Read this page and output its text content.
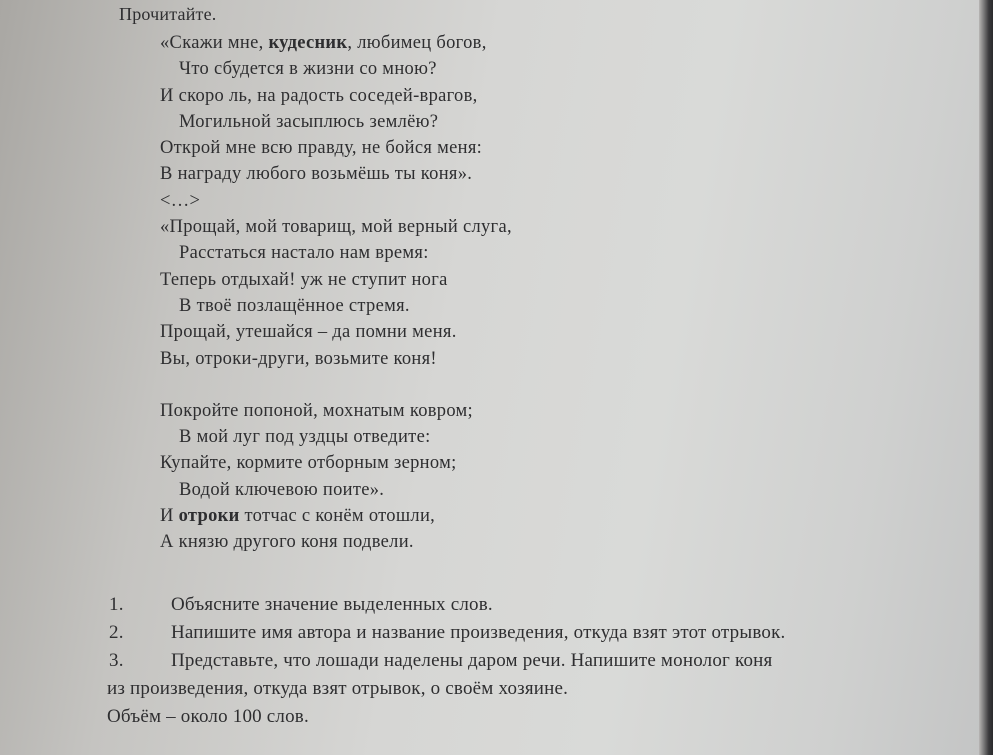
Прочитайте.
«Скажи мне, кудесник, любимец богов,
Что сбудется в жизни со мною?
И скоро ль, на радость соседей-врагов,
Могильной засыплюсь землёю?
Открой мне всю правду, не бойся меня:
В награду любого возьмёшь ты коня».
<…>
«Прощай, мой товарищ, мой верный слуга,
Расстаться настало нам время:
Теперь отдыхай! уж не ступит нога
В твоё позлащённое стремя.
Прощай, утешайся – да помни меня.
Вы, отроки-други, возьмите коня!
Покройте попоной, мохнатым ковром;
В мой луг под уздцы отведите:
Купайте, кормите отборным зерном;
Водой ключевою поите».
И отроки тотчас с конём отошли,
А князю другого коня подвели.
1. Объясните значение выделенных слов.
2. Напишите имя автора и название произведения, откуда взят этот отрывок.
3. Представьте, что лошади наделены даром речи. Напишите монолог коня
из произведения, откуда взят отрывок, о своём хозяине.
Объём – около 100 слов.
